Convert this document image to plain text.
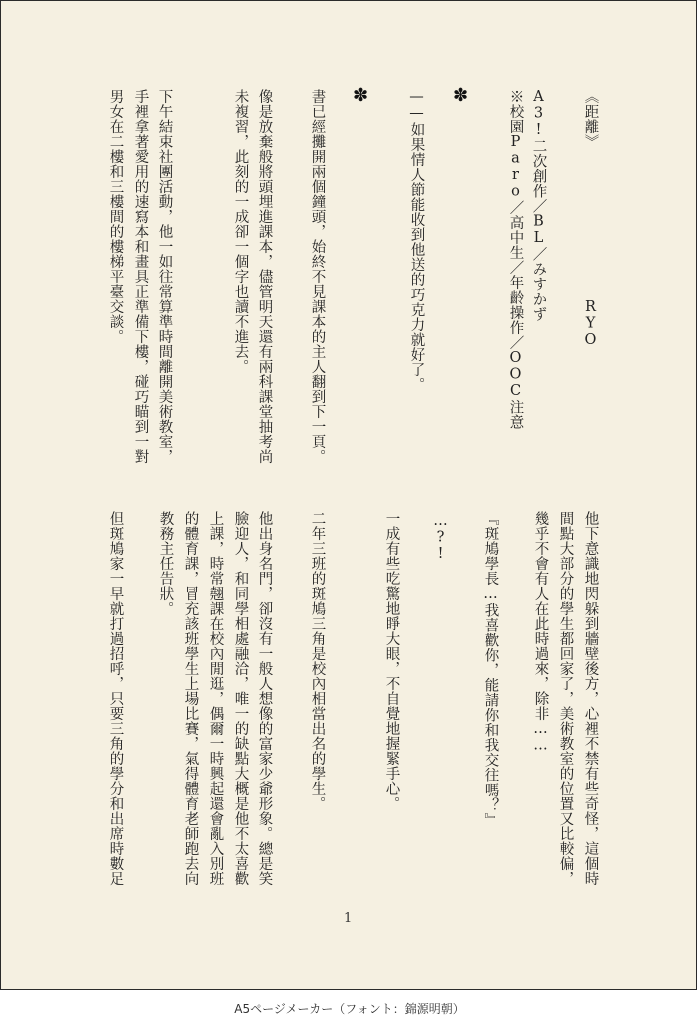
《距離》
RYO
A3!二次創作／BL／みすかず
※校園Paro／高中生／年齡操作／OOC注意
✽
——如果情人節能收到他送的巧克力就好了。
✽
書已經攤開兩個鐘頭，始終不見課本的主人翻到下一頁。
像是放棄般將頭埋進課本，儘管明天還有兩科課堂抽考尚
未複習，此刻的一成卻一個字也讀不進去。
下午結束社團活動，他一如往常算準時間離開美術教室，
手裡拿著愛用的速寫本和畫具正準備下樓，碰巧瞄到一對
男女在二樓和三樓間的樓梯平臺交談。
他下意識地閃躲到牆壁後方，心裡不禁有些奇怪，這個時
間點大部分的學生都回家了，美術教室的位置又比較偏，
幾乎不會有人在此時過來，除非……
『斑鳩學長…我喜歡你，能請你和我交往嗎？』
…?!
一成有些吃驚地睜大眼，不自覺地握緊手心。
二年三班的斑鳩三角是校內相當出名的學生。
他出身名門，卻沒有一般人想像的富家少爺形象。總是笑
臉迎人，和同學相處融洽，唯一的缺點大概是他不太喜歡
上課，時常翹課在校內閒逛，偶爾一時興起還會亂入別班
的體育課，冒充該班學生上場比賽，氣得體育老師跑去向
教務主任告狀。
但斑鳩家一早就打過招呼，只要三角的學分和出席時數足
1
A5ページメーカー（フォント：錦源明朝）
